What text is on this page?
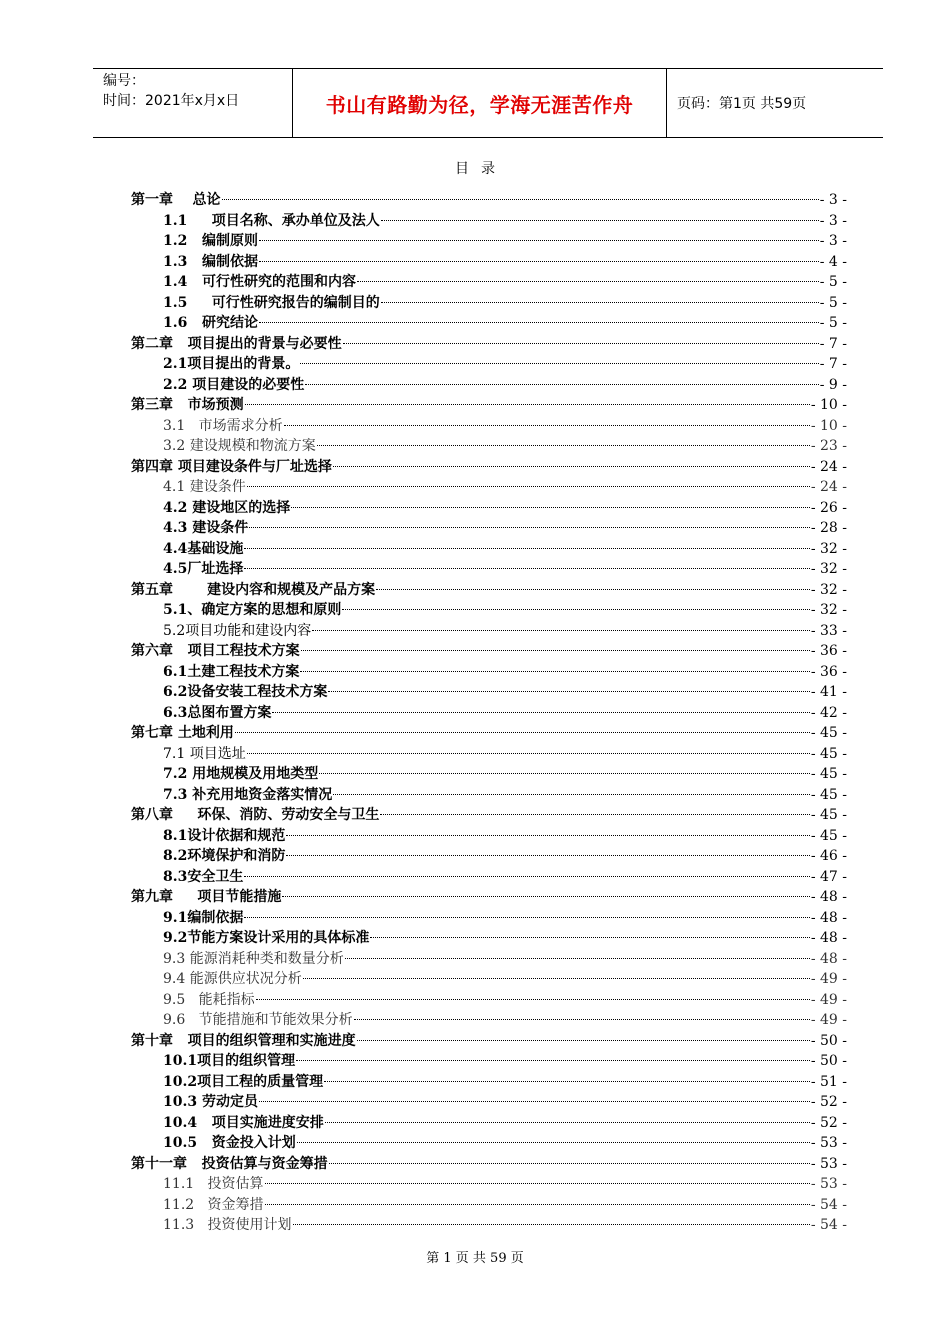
编号：
时间：2021年x月x日	书山有路勤为径，学海无涯苦作舟	页码：第1页 共59页
目录
第一章    总论	- 3 -
1.1     项目名称、承办单位及法人	- 3 -
1.2   编制原则	- 3 -
1.3   编制依据	- 4 -
1.4   可行性研究的范围和内容	- 5 -
1.5     可行性研究报告的编制目的	- 5 -
1.6   研究结论	- 5 -
第二章   项目提出的背景与必要性	- 7 -
2.1项目提出的背景。	- 7 -
2.2 项目建设的必要性	- 9 -
第三章   市场预测	- 10 -
3.1   市场需求分析	- 10 -
3.2 建设规模和物流方案	- 23 -
第四章 项目建设条件与厂址选择	- 24 -
4.1 建设条件	- 24 -
4.2 建设地区的选择	- 26 -
4.3 建设条件	- 28 -
4.4基础设施	- 32 -
4.5厂址选择	- 32 -
第五章       建设内容和规模及产品方案	- 32 -
5.1、确定方案的思想和原则	- 32 -
5.2项目功能和建设内容	- 33 -
第六章   项目工程技术方案	- 36 -
6.1土建工程技术方案	- 36 -
6.2设备安装工程技术方案	- 41 -
6.3总图布置方案	- 42 -
第七章 土地利用	- 45 -
7.1 项目选址	- 45 -
7.2 用地规模及用地类型	- 45 -
7.3 补充用地资金落实情况	- 45 -
第八章     环保、消防、劳动安全与卫生	- 45 -
8.1设计依据和规范	- 45 -
8.2环境保护和消防	- 46 -
8.3安全卫生	- 47 -
第九章     项目节能措施	- 48 -
9.1编制依据	- 48 -
9.2节能方案设计采用的具体标准	- 48 -
9.3 能源消耗种类和数量分析	- 48 -
9.4 能源供应状况分析	- 49 -
9.5   能耗指标	- 49 -
9.6   节能措施和节能效果分析	- 49 -
第十章   项目的组织管理和实施进度	- 50 -
10.1项目的组织管理	- 50 -
10.2项目工程的质量管理	- 51 -
10.3 劳动定员	- 52 -
10.4   项目实施进度安排	- 52 -
10.5   资金投入计划	- 53 -
第十一章   投资估算与资金筹措	- 53 -
11.1   投资估算	- 53 -
11.2   资金筹措	- 54 -
11.3   投资使用计划	- 54 -
第 1 页 共 59 页
